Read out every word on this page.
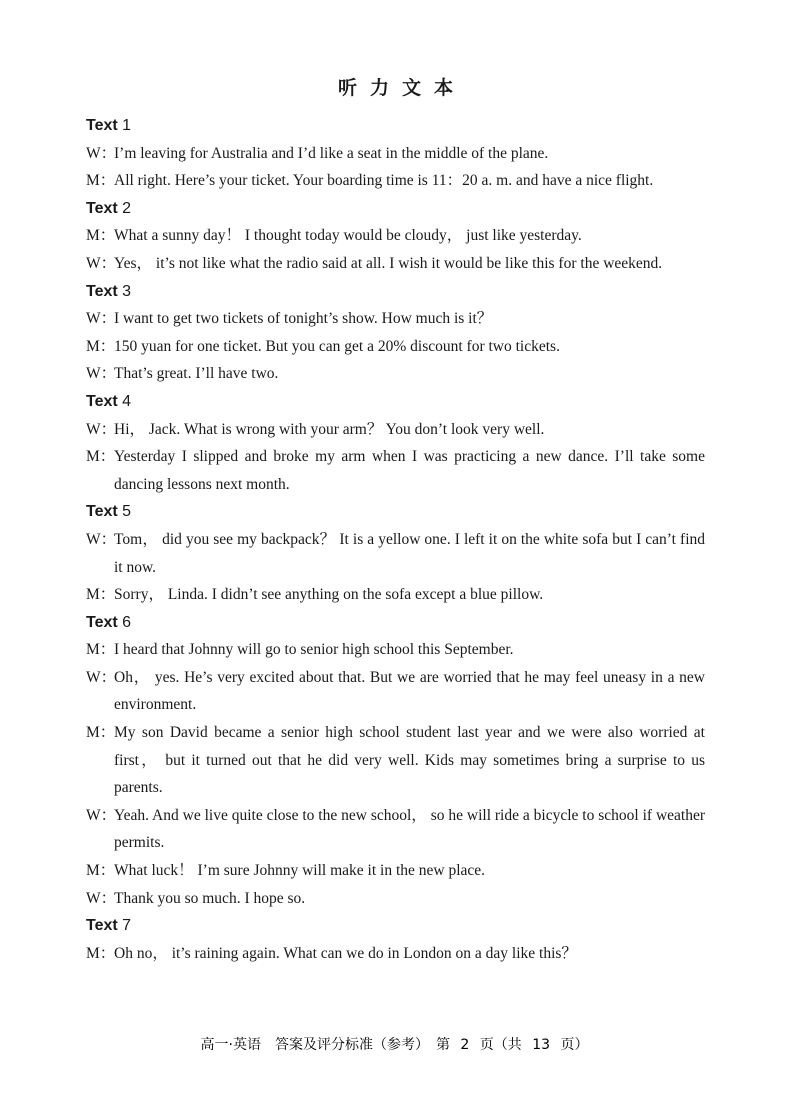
听力文本
Text 1
W：
I’m leaving for Australia and I’d like a seat in the middle of the plane.
M：
All right. Here’s your ticket. Your boarding time is 11：20 a. m. and have a nice flight.
Text 2
M：
What a sunny day！ I thought today would be cloudy， just like yesterday.
W：
Yes， it’s not like what the radio said at all. I wish it would be like this for the weekend.
Text 3
W：
I want to get two tickets of tonight’s show. How much is it？
M：
150 yuan for one ticket. But you can get a 20% discount for two tickets.
W：
That’s great. I’ll have two.
Text 4
W：
Hi， Jack. What is wrong with your arm？ You don’t look very well.
M：
Yesterday I slipped and broke my arm when I was practicing a new dance. I’ll take some dancing lessons next month.
Text 5
W：
Tom， did you see my backpack？ It is a yellow one. I left it on the white sofa but I can’t find it now.
M：
Sorry， Linda. I didn’t see anything on the sofa except a blue pillow.
Text 6
M：
I heard that Johnny will go to senior high school this September.
W：
Oh， yes. He’s very excited about that. But we are worried that he may feel uneasy in a new environment.
M：
My son David became a senior high school student last year and we were also worried at first， but it turned out that he did very well. Kids may sometimes bring a surprise to us parents.
W：
Yeah. And we live quite close to the new school， so he will ride a bicycle to school if weather permits.
M：
What luck！ I’m sure Johnny will make it in the new place.
W：
Thank you so much. I hope so.
Text 7
M：
Oh no， it’s raining again. What can we do in London on a day like this？
高一·英语　答案及评分标准（参考）　第 2 页（共 13 页）
